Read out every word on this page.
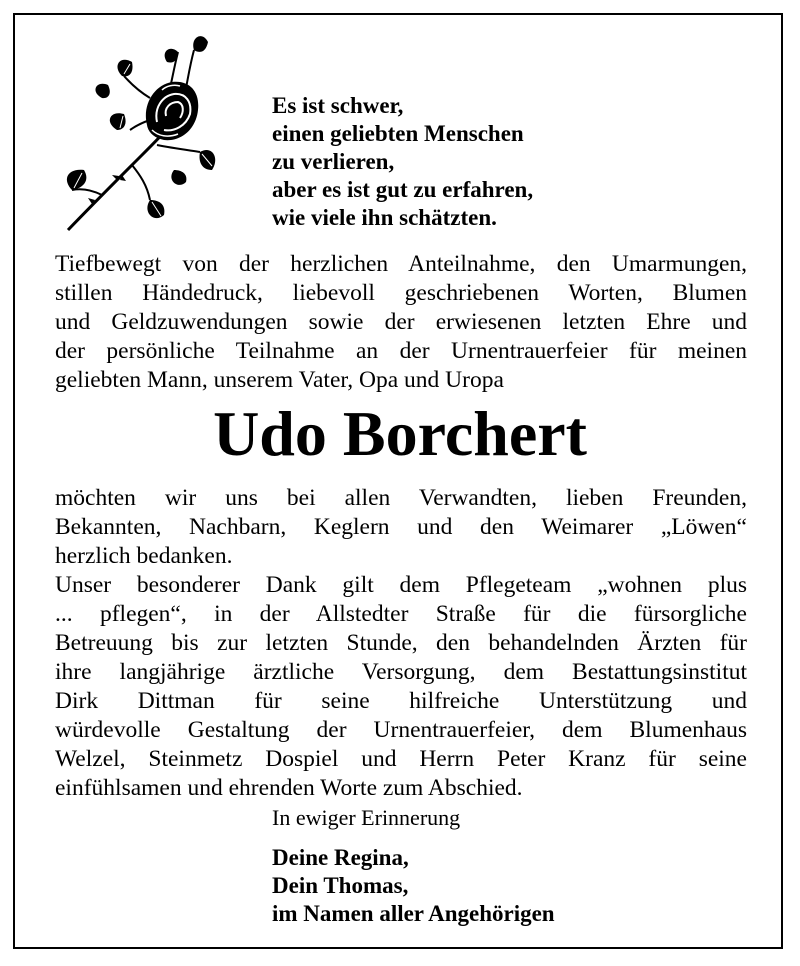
Es ist schwer,
einen geliebten Menschen
zu verlieren,
aber es ist gut zu erfahren,
wie viele ihn schätzten.
Tiefbewegt von der herzlichen Anteilnahme, den Umarmungen,
stillen Händedruck, liebevoll geschriebenen Worten, Blumen
und Geldzuwendungen sowie der erwiesenen letzten Ehre und
der persönliche Teilnahme an der Urnentrauerfeier für meinen
geliebten Mann, unserem Vater, Opa und Uropa
Udo Borchert
möchten wir uns bei allen Verwandten, lieben Freunden,
Bekannten, Nachbarn, Keglern und den Weimarer „Löwen“
herzlich bedanken.
Unser besonderer Dank gilt dem Pflegeteam „wohnen plus
... pflegen“, in der Allstedter Straße für die fürsorgliche
Betreuung bis zur letzten Stunde, den behandelnden Ärzten für
ihre langjährige ärztliche Versorgung, dem Bestattungsinstitut
Dirk Dittman für seine hilfreiche Unterstützung und
würdevolle Gestaltung der Urnentrauerfeier, dem Blumenhaus
Welzel, Steinmetz Dospiel und Herrn Peter Kranz für seine
einfühlsamen und ehrenden Worte zum Abschied.
In ewiger Erinnerung
Deine Regina,
Dein Thomas,
im Namen aller Angehörigen
